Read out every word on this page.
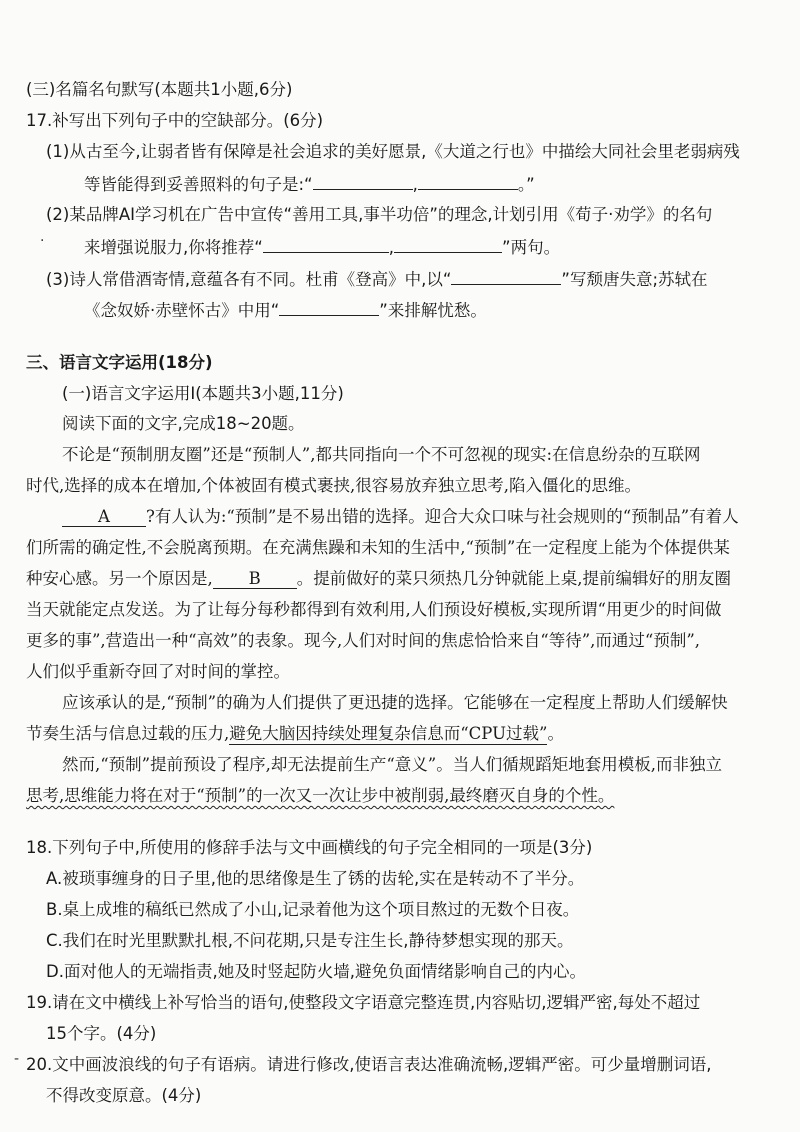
(三)名篇名句默写(本题共1小题,6分)
17.补写出下列句子中的空缺部分。(6分)
(1)从古至今,让弱者皆有保障是社会追求的美好愿景,《大道之行也》中描绘大同社会里老弱病残
等皆能得到妥善照料的句子是:“	,	。”
(2)某品牌AI学习机在广告中宣传“善用工具,事半功倍”的理念,计划引用《荀子·劝学》的名句
.
来增强说服力,你将推荐“	,	”两句。
(3)诗人常借酒寄情,意蕴各有不同。杜甫《登高》中,以“	”写颓唐失意;苏轼在
《念奴娇·赤壁怀古》中用“	”来排解忧愁。
三、语言文字运用(18分)
(一)语言文字运用Ⅰ(本题共3小题,11分)
阅读下面的文字,完成18~20题。
不论是“预制朋友圈”还是“预制人”,都共同指向一个不可忽视的现实:在信息纷杂的互联网
时代,选择的成本在增加,个体被固有模式裹挟,很容易放弃独立思考,陷入僵化的思维。
A ?有人认为:“预制”是不易出错的选择。迎合大众口味与社会规则的“预制品”有着人
们所需的确定性,不会脱离预期。在充满焦躁和未知的生活中,“预制”在一定程度上能为个体提供某
种安心感。另一个原因是, B 。提前做好的菜只须热几分钟就能上桌,提前编辑好的朋友圈
当天就能定点发送。为了让每分每秒都得到有效利用,人们预设好模板,实现所谓“用更少的时间做
更多的事”,营造出一种“高效”的表象。现今,人们对时间的焦虑恰恰来自“等待”,而通过“预制”,
人们似乎重新夺回了对时间的掌控。
应该承认的是,“预制”的确为人们提供了更迅捷的选择。它能够在一定程度上帮助人们缓解快
节奏生活与信息过载的压力,避免大脑因持续处理复杂信息而“CPU过载”。
然而,“预制”提前预设了程序,却无法提前生产“意义”。当人们循规蹈矩地套用模板,而非独立
思考,思维能力将在对于“预制”的一次又一次让步中被削弱,最终磨灭自身的个性。
18.下列句子中,所使用的修辞手法与文中画横线的句子完全相同的一项是(3分)
A.被琐事缠身的日子里,他的思绪像是生了锈的齿轮,实在是转动不了半分。
B.桌上成堆的稿纸已然成了小山,记录着他为这个项目熬过的无数个日夜。
C.我们在时光里默默扎根,不问花期,只是专注生长,静待梦想实现的那天。
D.面对他人的无端指责,她及时竖起防火墙,避免负面情绪影响自己的内心。
19.请在文中横线上补写恰当的语句,使整段文字语意完整连贯,内容贴切,逻辑严密,每处不超过
15个字。(4分)
- 20.文中画波浪线的句子有语病。请进行修改,使语言表达准确流畅,逻辑严密。可少量增删词语,
不得改变原意。(4分)
